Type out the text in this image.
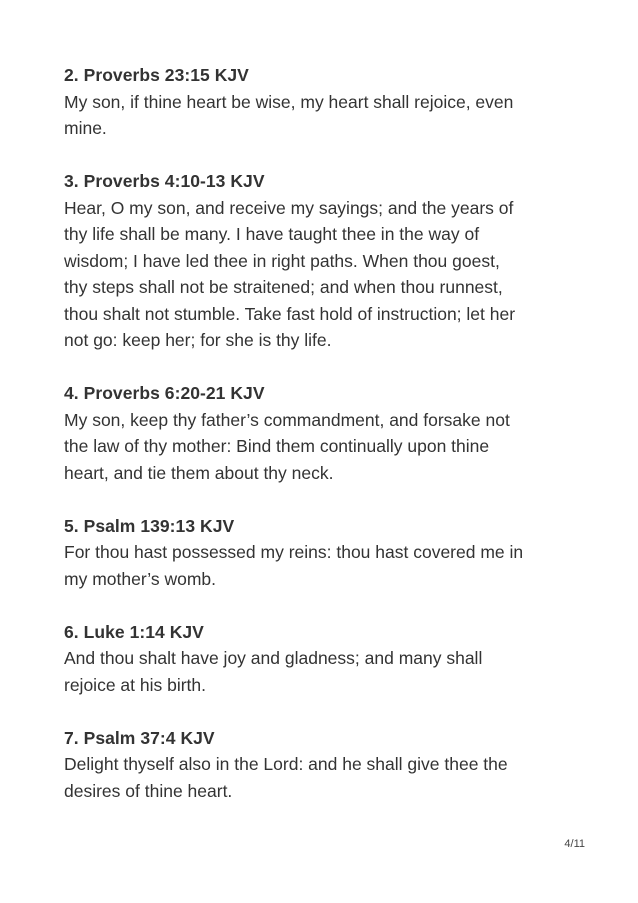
2. Proverbs 23:15 KJV
My son, if thine heart be wise, my heart shall rejoice, even
mine.
3. Proverbs 4:10-13 KJV
Hear, O my son, and receive my sayings; and the years of
thy life shall be many. I have taught thee in the way of
wisdom; I have led thee in right paths. When thou goest,
thy steps shall not be straitened; and when thou runnest,
thou shalt not stumble. Take fast hold of instruction; let her
not go: keep her; for she is thy life.
4. Proverbs 6:20-21 KJV
My son, keep thy father’s commandment, and forsake not
the law of thy mother: Bind them continually upon thine
heart, and tie them about thy neck.
5. Psalm 139:13 KJV
For thou hast possessed my reins: thou hast covered me in
my mother’s womb.
6. Luke 1:14 KJV
And thou shalt have joy and gladness; and many shall
rejoice at his birth.
7. Psalm 37:4 KJV
Delight thyself also in the Lord: and he shall give thee the
desires of thine heart.
4/11
